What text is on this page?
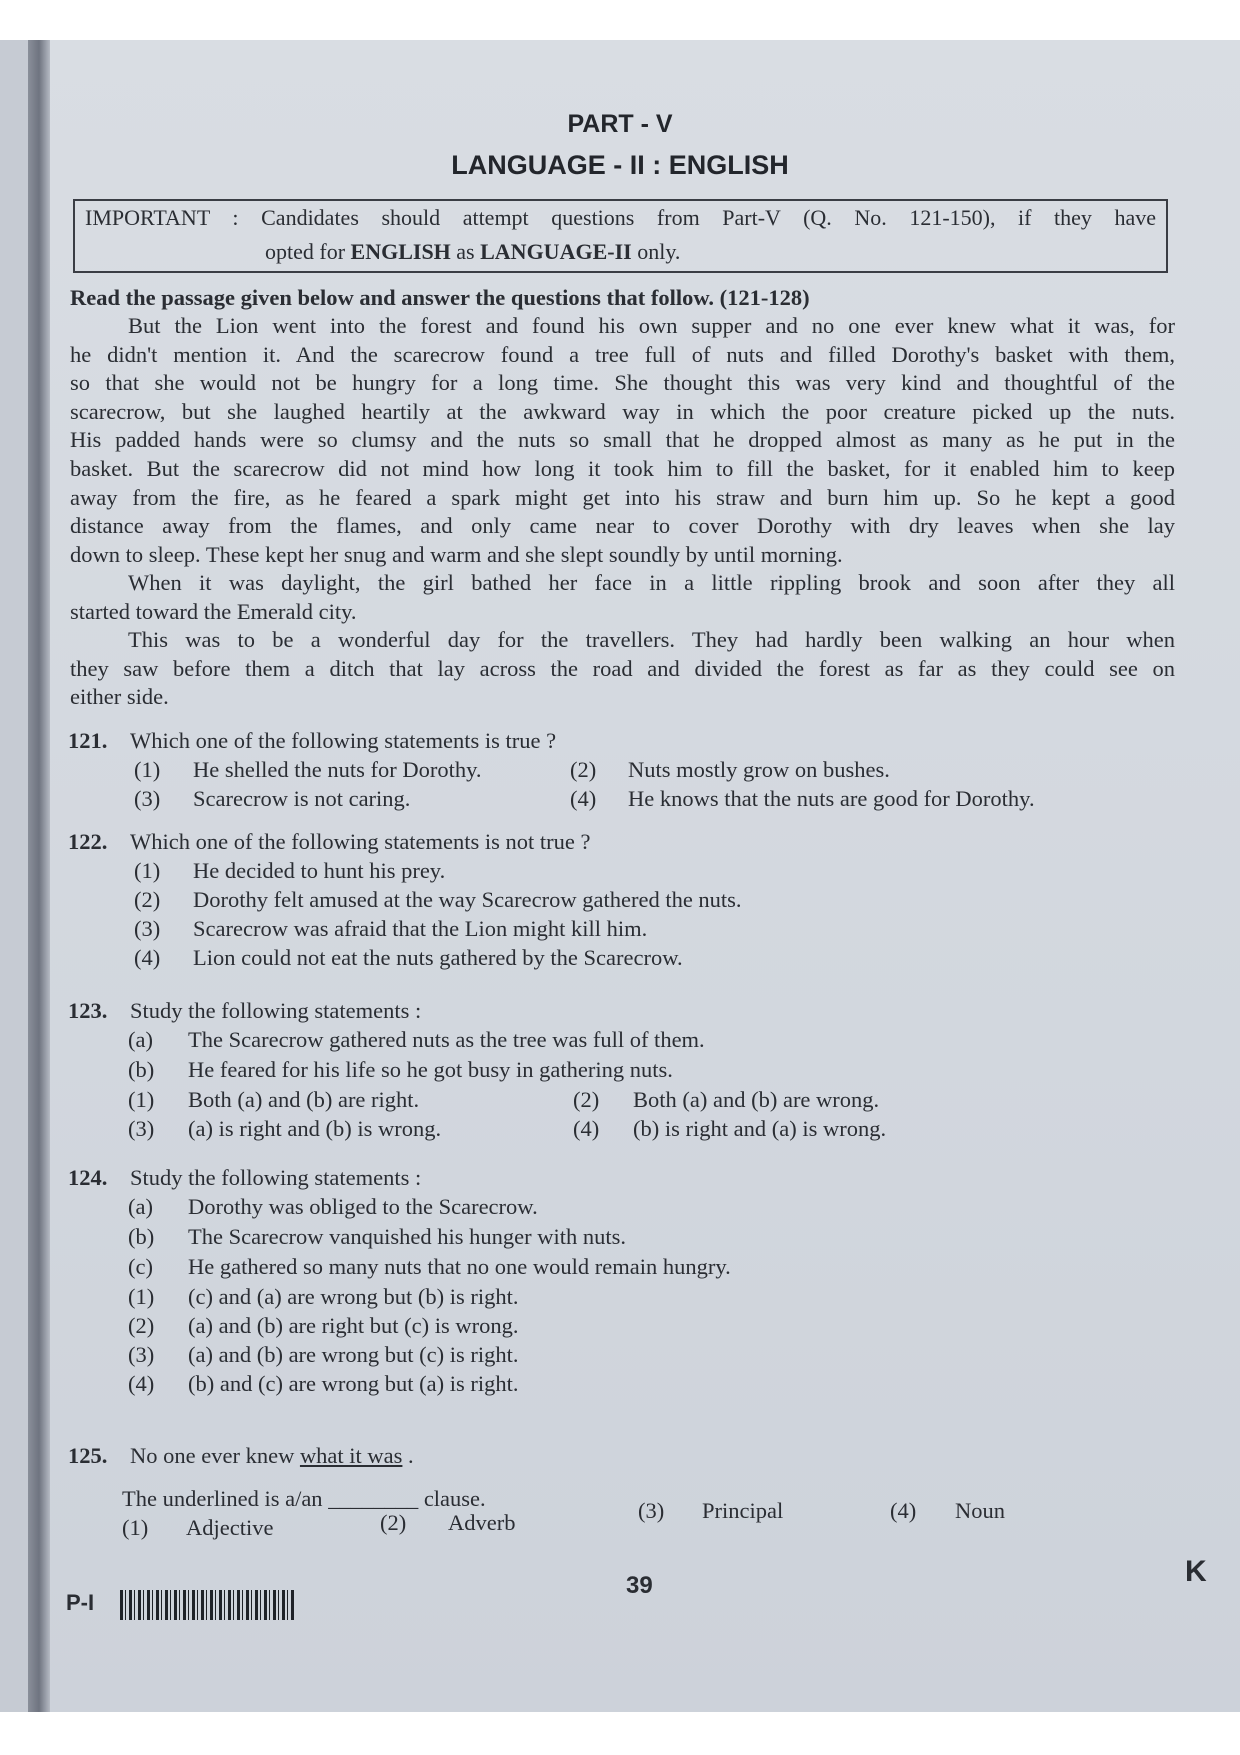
PART - V
LANGUAGE - II : ENGLISH
IMPORTANT : Candidates should attempt questions from Part-V (Q. No. 121-150), if they have
opted for ENGLISH as LANGUAGE-II only.
Read the passage given below and answer the questions that follow. (121-128)
But the Lion went into the forest and found his own supper and no one ever knew what it was, for
he didn't mention it. And the scarecrow found a tree full of nuts and filled Dorothy's basket with them,
so that she would not be hungry for a long time. She thought this was very kind and thoughtful of the
scarecrow, but she laughed heartily at the awkward way in which the poor creature picked up the nuts.
His padded hands were so clumsy and the nuts so small that he dropped almost as many as he put in the
basket. But the scarecrow did not mind how long it took him to fill the basket, for it enabled him to keep
away from the fire, as he feared a spark might get into his straw and burn him up. So he kept a good
distance away from the flames, and only came near to cover Dorothy with dry leaves when she lay
down to sleep. These kept her snug and warm and she slept soundly by until morning.
When it was daylight, the girl bathed her face in a little rippling brook and soon after they all
started toward the Emerald city.
This was to be a wonderful day for the travellers. They had hardly been walking an hour when
they saw before them a ditch that lay across the road and divided the forest as far as they could see on
either side.
121. Which one of the following statements is true ?
(1) He shelled the nuts for Dorothy.	(2) Nuts mostly grow on bushes.
(3) Scarecrow is not caring.	(4) He knows that the nuts are good for Dorothy.
122. Which one of the following statements is not true ?
(1) He decided to hunt his prey.
(2) Dorothy felt amused at the way Scarecrow gathered the nuts.
(3) Scarecrow was afraid that the Lion might kill him.
(4) Lion could not eat the nuts gathered by the Scarecrow.
123. Study the following statements :
(a) The Scarecrow gathered nuts as the tree was full of them.
(b) He feared for his life so he got busy in gathering nuts.
(1) Both (a) and (b) are right.	(2) Both (a) and (b) are wrong.
(3) (a) is right and (b) is wrong.	(4) (b) is right and (a) is wrong.
124. Study the following statements :
(a) Dorothy was obliged to the Scarecrow.
(b) The Scarecrow vanquished his hunger with nuts.
(c) He gathered so many nuts that no one would remain hungry.
(1) (c) and (a) are wrong but (b) is right.
(2) (a) and (b) are right but (c) is wrong.
(3) (a) and (b) are wrong but (c) is right.
(4) (b) and (c) are wrong but (a) is right.
125. No one ever knew what it was .
The underlined is a/an ________ clause.
(1) Adjective	(2) Adverb	(3) Principal	(4) Noun
P-I
39	K
